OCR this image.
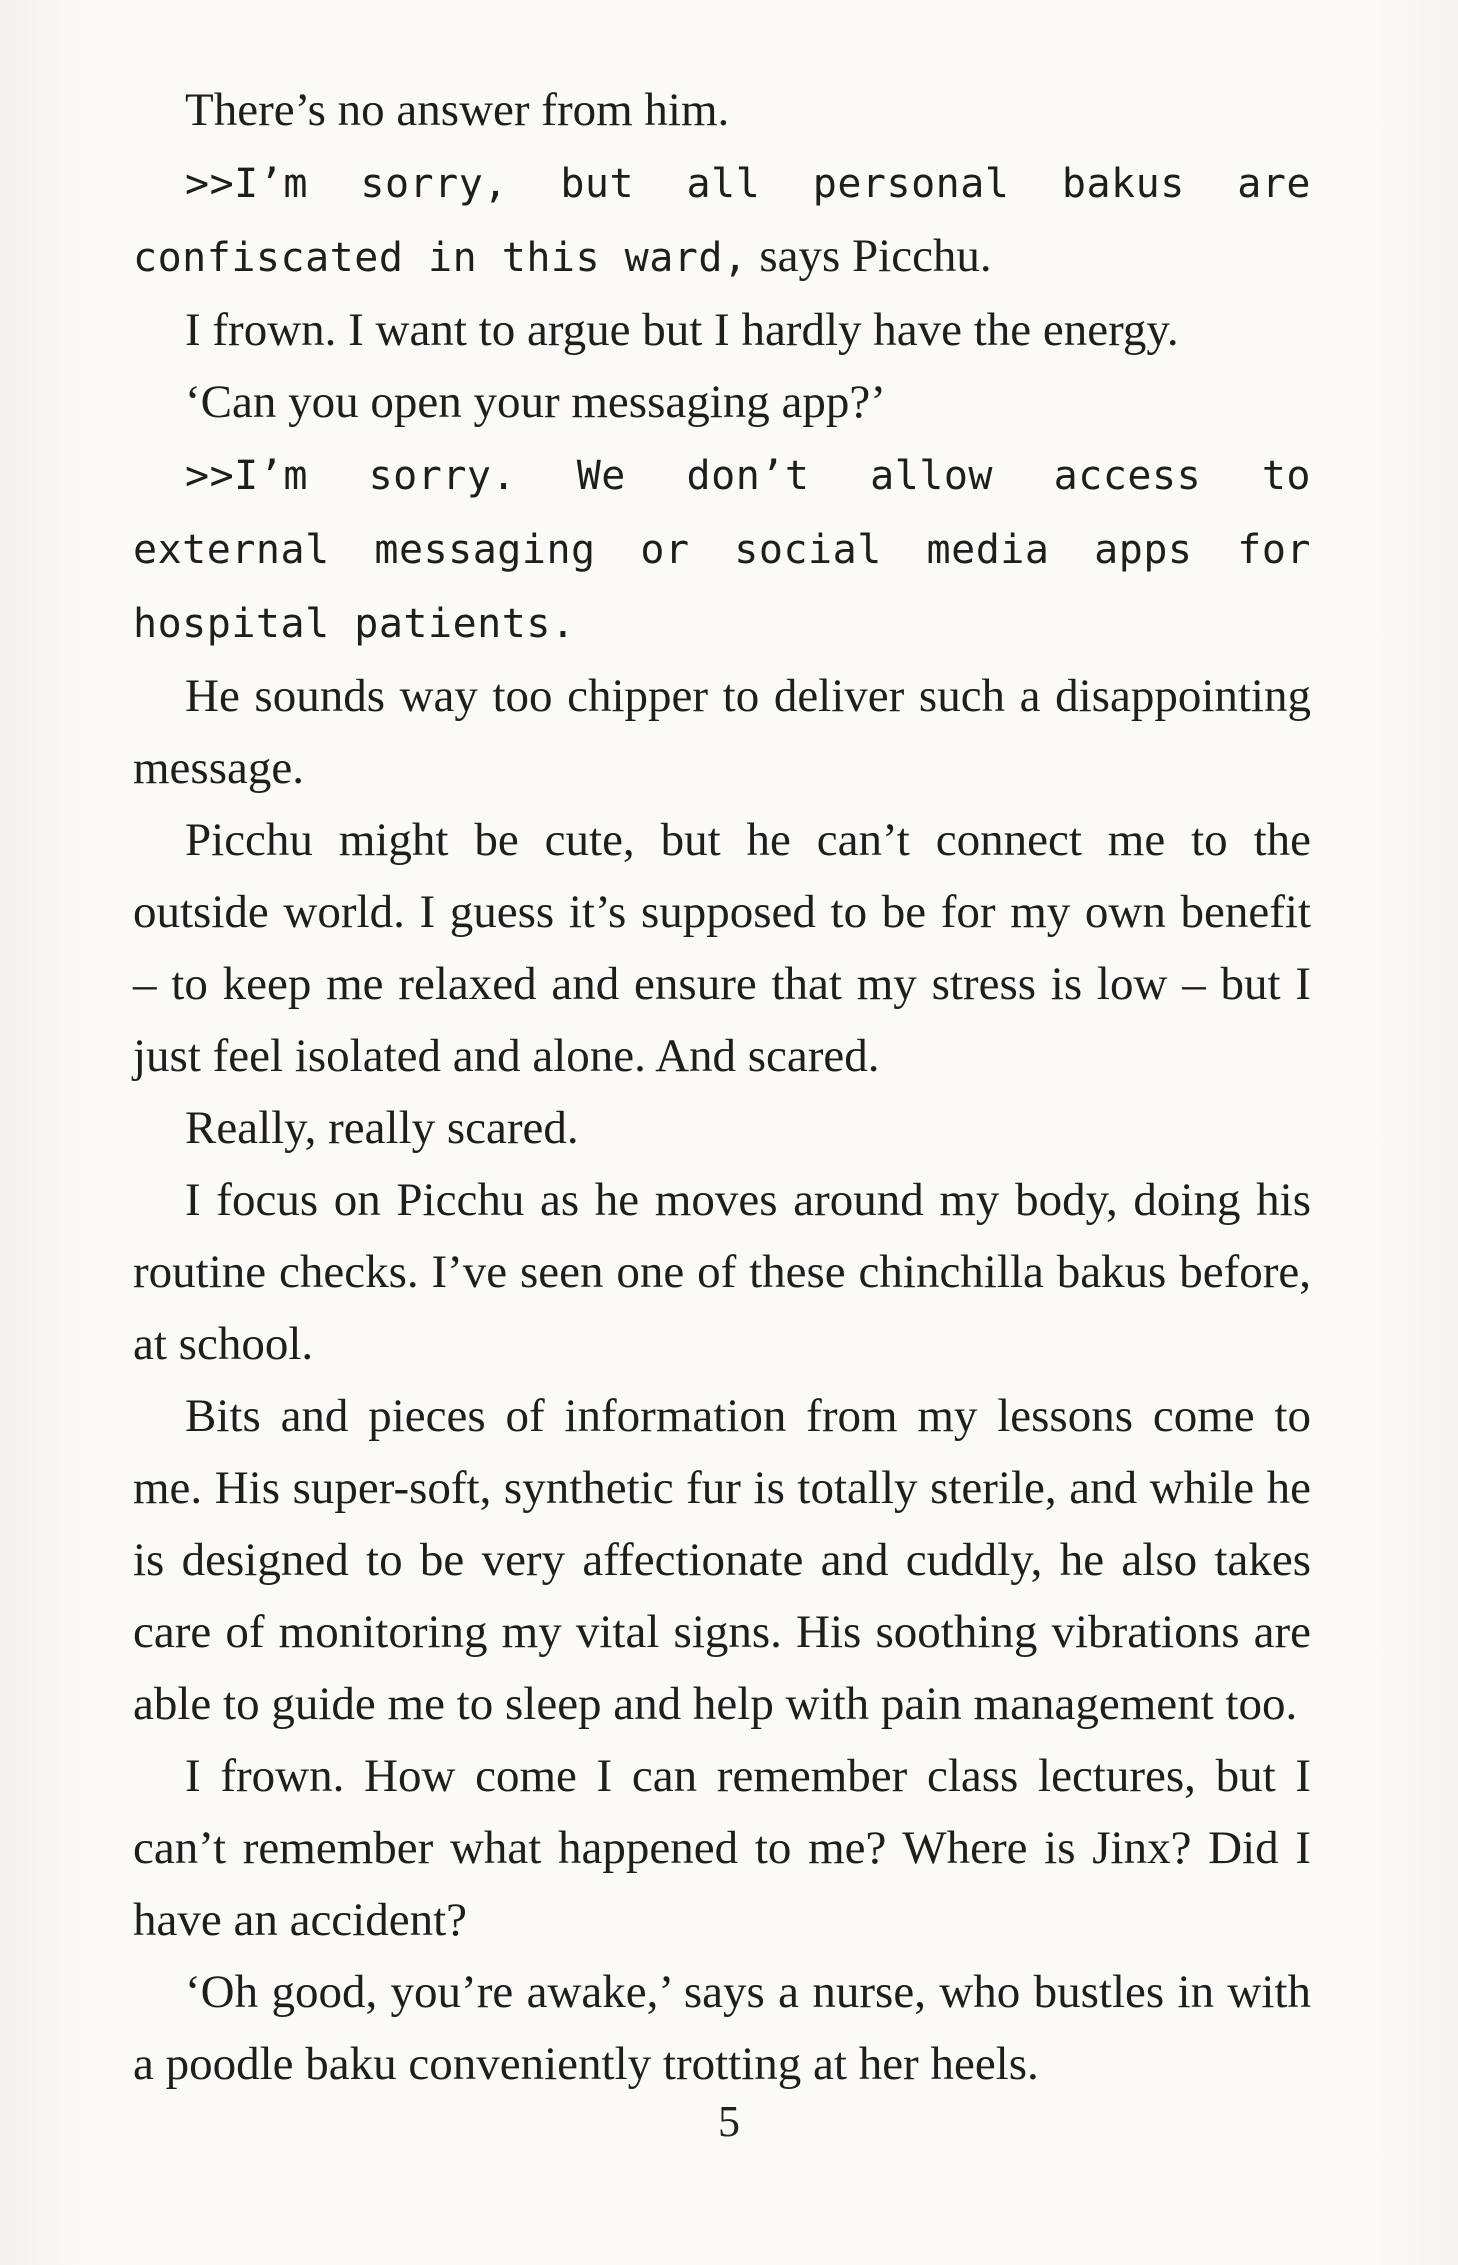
There’s no answer from him.

>>I’m sorry, but all personal bakus are confiscated in this ward, says Picchu.

I frown. I want to argue but I hardly have the energy.

‘Can you open your messaging app?’

>>I’m sorry. We don’t allow access to external messaging or social media apps for hospital patients.

He sounds way too chipper to deliver such a disappointing message.

Picchu might be cute, but he can’t connect me to the outside world. I guess it’s supposed to be for my own benefit – to keep me relaxed and ensure that my stress is low – but I just feel isolated and alone. And scared.

Really, really scared.

I focus on Picchu as he moves around my body, doing his routine checks. I’ve seen one of these chinchilla bakus before, at school.

Bits and pieces of information from my lessons come to me. His super-soft, synthetic fur is totally sterile, and while he is designed to be very affectionate and cuddly, he also takes care of monitoring my vital signs. His soothing vibrations are able to guide me to sleep and help with pain management too.

I frown. How come I can remember class lectures, but I can’t remember what happened to me? Where is Jinx? Did I have an accident?

‘Oh good, you’re awake,’ says a nurse, who bustles in with a poodle baku conveniently trotting at her heels.

5
